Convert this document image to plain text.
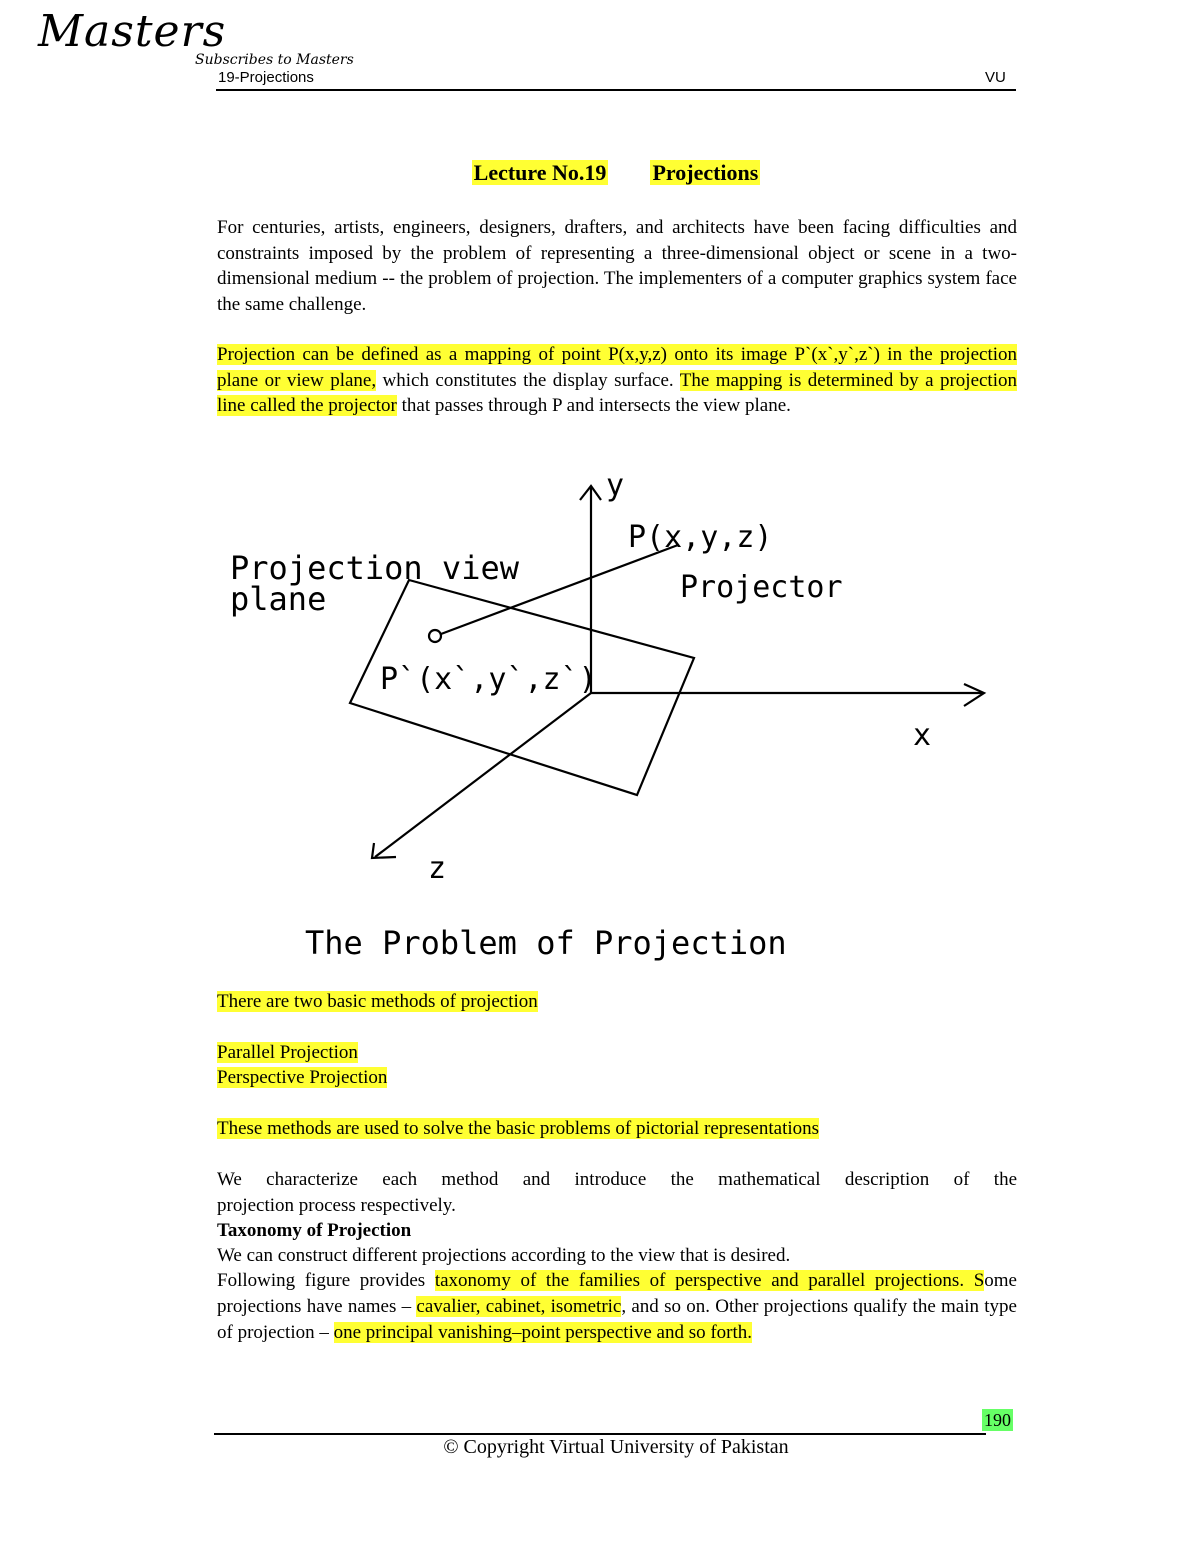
Masters
Subscribes to Masters
19-Projections	VU
Lecture No.19 Projections
For centuries, artists, engineers, designers, drafters, and architects have been facing difficulties and constraints imposed by the problem of representing a three-dimensional object or scene in a two-dimensional medium -- the problem of projection. The implementers of a computer graphics system face the same challenge.
Projection can be defined as a mapping of point P(x,y,z) onto its image P`(x`,y`,z`) in the projection plane or view plane, which constitutes the display surface. The mapping is determined by a projection line called the projector that passes through P and intersects the view plane.
y
x
z
P(x,y,z)
Projector
Projection view
plane
P`(x`,y`,z`)
The Problem of Projection
There are two basic methods of projection
Parallel Projection
Perspective Projection
These methods are used to solve the basic problems of pictorial representations
We characterize each method and introduce the mathematical description of the
projection process respectively.
Taxonomy of Projection
We can construct different projections according to the view that is desired.
Following figure provides taxonomy of the families of perspective and parallel projections. Some projections have names – cavalier, cabinet, isometric, and so on. Other projections qualify the main type of projection – one principal vanishing–point perspective and so forth.
190
© Copyright Virtual University of Pakistan
